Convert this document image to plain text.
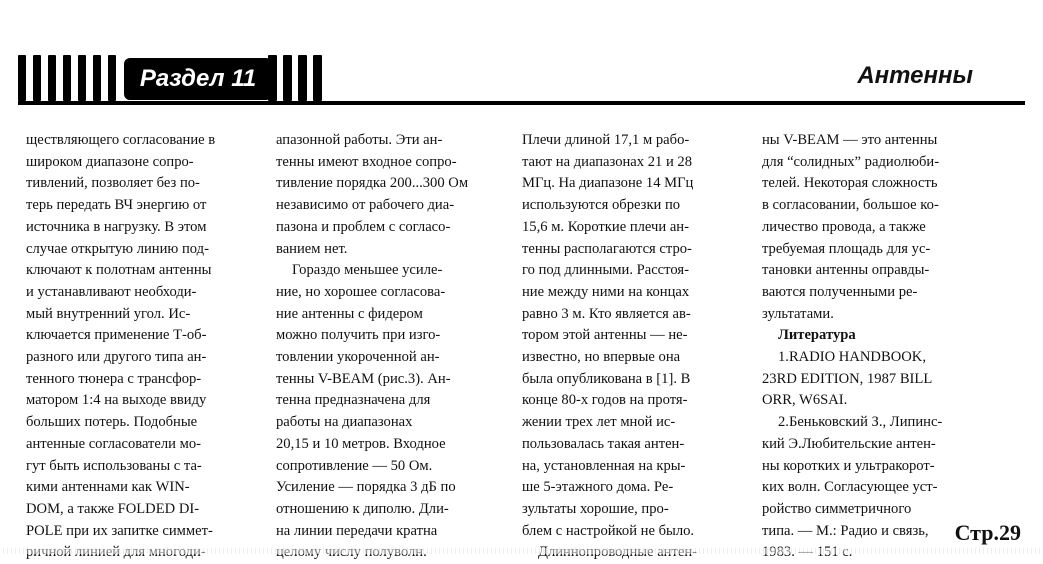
Раздел 11	Антенны
ществляющего согласование в
широком диапазоне сопро-
тивлений, позволяет без по-
терь передать ВЧ энергию от
источника в нагрузку. В этом
случае открытую линию под-
ключают к полотнам антенны
и устанавливают необходи-
мый внутренний угол. Ис-
ключается применение Т-об-
разного или другого типа ан-
тенного тюнера с трансфор-
матором 1:4 на выходе ввиду
больших потерь. Подобные
антенные согласователи мо-
гут быть использованы с та-
кими антеннами как WIN-
DOM, а также FOLDED DI-
POLE при их запитке симмет-
апазонной работы. Эти ан-
тенны имеют входное сопро-
тивление порядка 200...300 Ом
независимо от рабочего диа-
пазона и проблем с согласо-
ванием нет.
Гораздо меньшее усиле-
ние, но хорошее согласова-
ние антенны с фидером
можно получить при изго-
товлении укороченной ан-
тенны V-BEAM (рис.3). Ан-
тенна предназначена для
работы на диапазонах
20,15 и 10 метров. Входное
сопротивление — 50 Ом.
Усиление — порядка 3 дБ по
отношению к диполю. Дли-
на линии передачи кратна
Плечи длиной 17,1 м рабо-
тают на диапазонах 21 и 28
МГц. На диапазоне 14 МГц
используются обрезки по
15,6 м. Короткие плечи ан-
тенны располагаются стро-
го под длинными. Расстоя-
ние между ними на концах
равно 3 м. Кто является ав-
тором этой антенны — не-
известно, но впервые она
была опубликована в [1]. В
конце 80-х годов на протя-
жении трех лет мной ис-
пользовалась такая антен-
на, установленная на кры-
ше 5-этажного дома. Ре-
зультаты хорошие, про-
блем с настройкой не было.
ны V-BEAM — это антенны
для “солидных” радиолюби-
телей. Некоторая сложность
в согласовании, большое ко-
личество провода, а также
требуемая площадь для ус-
тановки антенны оправды-
ваются полученными ре-
зультатами.
Литература
1.RADIO HANDBOOK,
23RD EDITION, 1987 BILL
ORR, W6SAI.
2.Беньковский З., Липинс-
кий Э.Любительские антен-
ны коротких и ультракорот-
ких волн. Согласующее уст-
ройство симметричного
типа. — М.: Радио и связь,	Стр.29
